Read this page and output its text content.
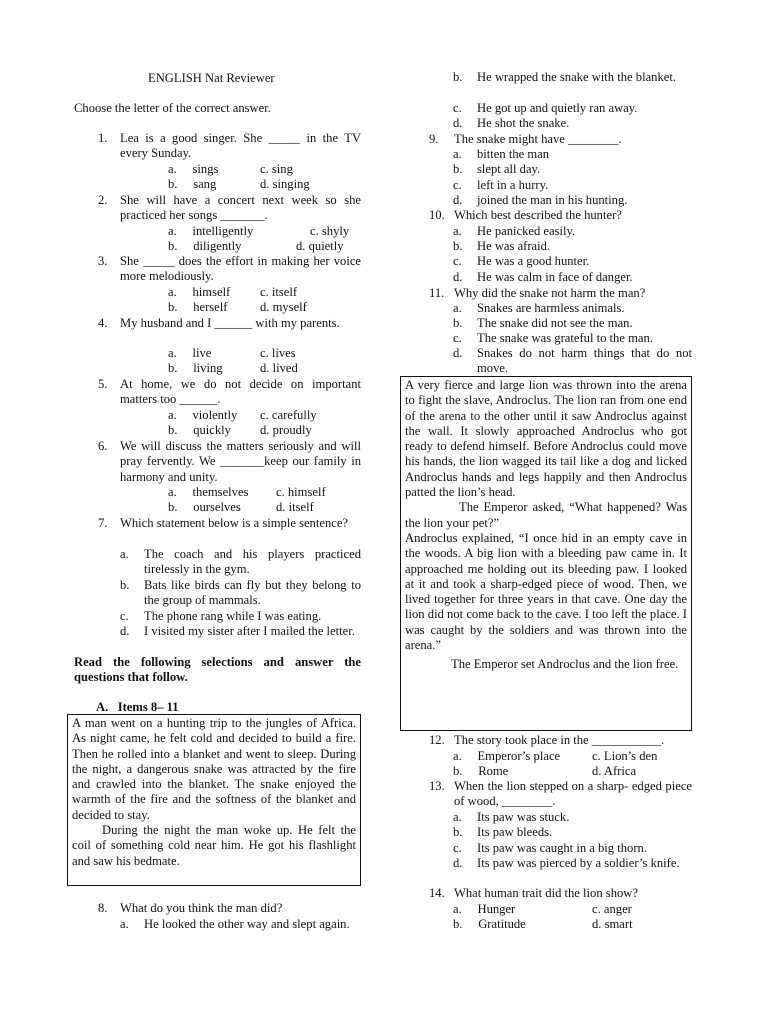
ENGLISH Nat Reviewer
Choose the letter of the correct answer.
1. Lea is a good singer. She _____ in the TV every Sunday.
a.     sings	c. sing
b.     sang	d. singing
2. She will have a concert next week so she practiced her songs _______.
a.     intelligently	c. shyly
b.     diligently	d. quietly
3. She _____ does the effort in making her voice more melodiously.
a.     himself c. itself
b.     herself	d. myself
4. My husband and I ______ with my parents.
a.     live	c. lives
b.     living	d. lived
5. At home, we do not decide on important matters too ______.
a.     violently c. carefully
b.     quickly d. proudly
6. We will discuss the matters seriously and will pray fervently. We _______keep our family in harmony and unity.
a.     themselves c. himself
b.     ourselves	d. itself
7. Which statement below is a simple sentence?
a. The coach and his players practiced tirelessly in the gym.
b. Bats like birds can fly but they belong to the group of mammals.
c. The phone rang while I was eating.
d. I visited my sister after I mailed the letter.
Read the following selections and answer the questions that follow.
A.   Items 8– 11

A man went on a hunting trip to the jungles of Africa. As night came, he felt cold and decided to build a fire. Then he rolled into a blanket and went to sleep. During the night, a dangerous snake was attracted by the fire and crawled into the blanket. The snake enjoyed the warmth of the fire and the softness of the blanket and decided to stay.

During the night the man woke up. He felt the coil of something cold near him. He got his flashlight and saw his bedmate.

8. What do you think the man did?
a. He looked the other way and slept again.
b. He wrapped the snake with the blanket.
c. He got up and quietly ran away.
d. He shot the snake.
9. The snake might have ________.
a. bitten the man
b. slept all day.
c. left in a hurry.
d. joined the man in his hunting.
10. Which best described the hunter?
a. He panicked easily.
b. He was afraid.
c. He was a good hunter.
d. He was calm in face of danger.
11. Why did the snake not harm the man?
a. Snakes are harmless animals.
b. The snake did not see the man.
c. The snake was grateful to the man.
d. Snakes do not harm things that do not move.

A very fierce and large lion was thrown into the arena to fight the slave, Androclus. The lion ran from one end of the arena to the other until it saw Androclus against the wall. It slowly approached Androclus who got ready to defend himself. Before Androclus could move his hands, the lion wagged its tail like a dog and licked Androclus hands and legs happily and then Androclus patted the lion’s head.

The Emperor asked, “What happened? Was the lion your pet?”

Androclus explained, “I once hid in an empty cave in the woods. A big lion with a bleeding paw came in. It approached me holding out its bleeding paw. I looked at it and took a sharp-edged piece of wood. Then, we lived together for three years in that cave. One day the lion did not come back to the cave. I too left the place. I was caught by the soldiers and was thrown into the arena.”

The Emperor set Androclus and the lion free.

12. The story took place in the ___________.
a.     Emperor’s place	c. Lion’s den
b.     Rome	d. Africa
13. When the lion stepped on a sharp- edged piece of wood, ________.
a. Its paw was stuck.
b. Its paw bleeds.
c. Its paw was caught in a big thorn.
d. Its paw was pierced by a soldier’s knife.
14. What human trait did the lion show?
a.     Hunger	c. anger
b.     Gratitude	d. smart
